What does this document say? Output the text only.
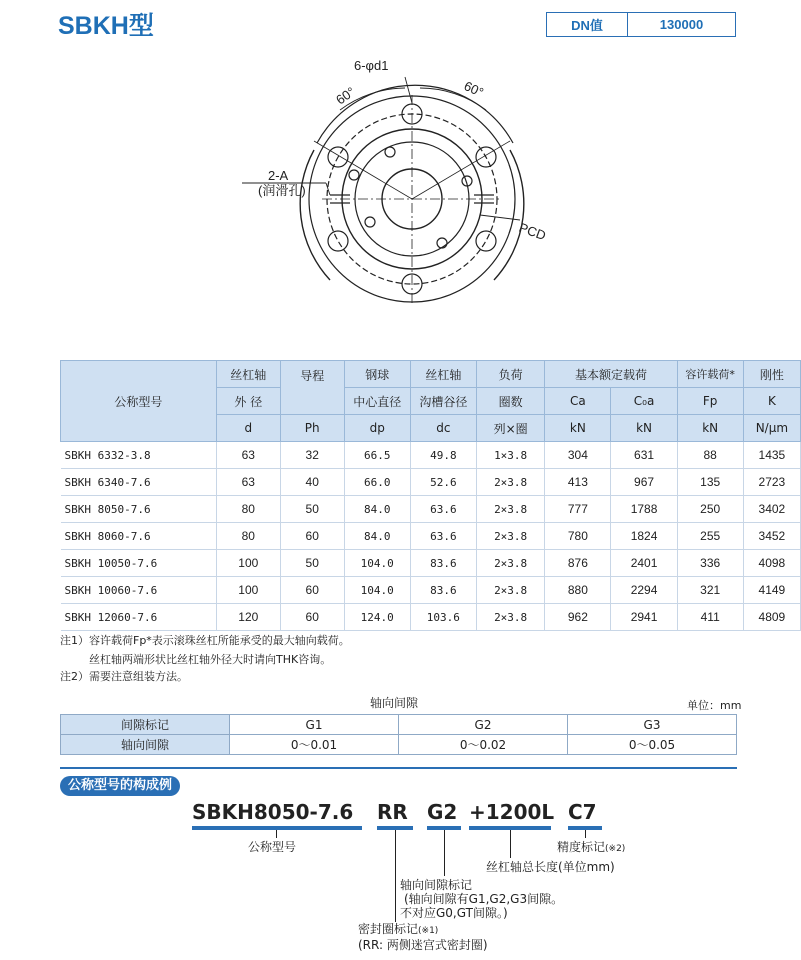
SBKH型	DN值	130000
6-φd1
60°	60°
2-A
(润滑孔)
PCD
公称型号	丝杠轴	导程	钢球	丝杠轴	负荷	基本额定载荷		容许载荷*	刚性
	外 径		中心直径	沟槽谷径	圈数	Ca	C₀a	Fp	K
	d	Ph	dp	dc	列×圈	kN	kN	kN	N/μm
SBKH 6332-3.8	63	32	66.5	49.8	1×3.8	304	631	88	1435
SBKH 6340-7.6	63	40	66.0	52.6	2×3.8	413	967	135	2723
SBKH 8050-7.6	80	50	84.0	63.6	2×3.8	777	1788	250	3402
SBKH 8060-7.6	80	60	84.0	63.6	2×3.8	780	1824	255	3452
SBKH 10050-7.6	100	50	104.0	83.6	2×3.8	876	2401	336	4098
SBKH 10060-7.6	100	60	104.0	83.6	2×3.8	880	2294	321	4149
SBKH 12060-7.6	120	60	124.0	103.6	2×3.8	962	2941	411	4809
注1）容许载荷Fp*表示滚珠丝杠所能承受的最大轴向载荷。
丝杠轴两端形状比丝杠轴外径大时请向THK咨询。
注2）需要注意组装方法。
轴向间隙	单位：mm
间隙标记	G1	G2	G3
轴向间隙	0～0.01	0～0.02	0～0.05
公称型号的构成例
SBKH8050-7.6 RR G2 +1200L C7
公称型号	精度标记(※2)
丝杠轴总长度(单位mm)
轴向间隙标记
(轴向间隙有G1,G2,G3间隙。
不对应G0,GT间隙。)
密封圈标记(※1)
(RR: 两侧迷宫式密封圈)
